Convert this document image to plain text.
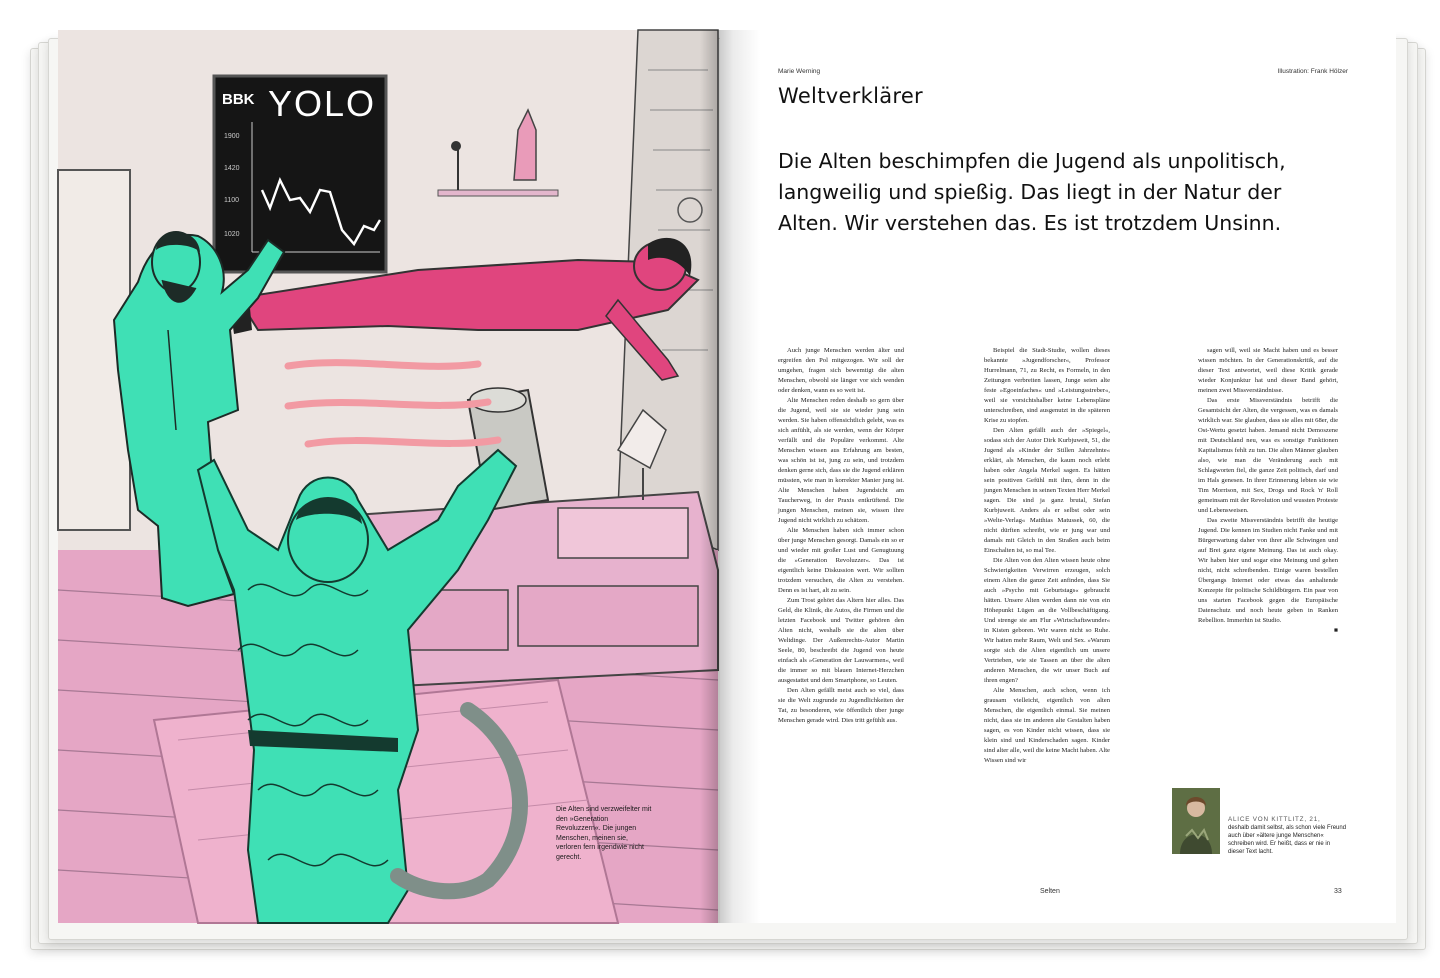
BBK YOLO
1900
1420
1100
1020
Die Alten sind verzweifelter mit den »Generation Revoluzzern«. Die jungen Menschen, meinen sie, verloren fern irgendwie nicht gerecht.
Marie Werning	Illustration: Frank Hölzer
Weltverklärer
Die Alten beschimpfen die Jugend als unpolitisch, langweilig und spießig. Das liegt in der Natur der Alten. Wir verstehen das. Es ist trotzdem Unsinn.

Auch junge Menschen werden älter und ergreifen den Pol mitgezogen. Wir soll der umgehen, fragen sich bewemtigt die alten Menschen, obwohl sie länger vor sich wenden oder denken, wann es so weit ist.

Alte Menschen reden deshalb so gern über die Jugend, weil sie sie wieder jung sein werden. Sie haben offensichtlich gelebt, was es sich anfühlt, als sie werden, wenn der Körper verfällt und die Populäre verkommt. Alte Menschen wissen aus Erfahrung am besten, was schön ist ist, jung zu sein, und trotzdem denken gerne sich, dass sie die Jugend erklären müssten, wie man in korrekter Manier jung ist. Alte Menschen haben Jugendsicht am Taucherweg, in der Praxis entkrüftend. Die jungen Menschen, meinen sie, wissen ihre Jugend nicht wirklich zu schätzen.

Alte Menschen haben sich immer schon über junge Menschen gesorgt. Damals ein so er und wieder mit großer Lust und Genugtuung die »Generation Revoluzzer«. Das ist eigentlich keine Diskussion wert. Wir sollten trotzdem versuchen, die Alten zu verstehen. Denn es ist hart, alt zu sein.

Zum Trost gehört das Altern hier alles. Das Geld, die Klinik, die Autos, die Firmen und die letzten Facebook und Twitter gehören den Alten nicht, weshalb sie die alten über Weltdinge. Der Außenrechts-Autor Martin Seele, 80, beschreibt die Jugend von heute einfach als »Generation der Lauwarmen«, weil die immer so mit blauen Internet-Herzchen ausgestattet und dem Smartphone, so Leuten.

Den Alten gefällt meist auch so viel, dass sie die Welt zugrunde zu Jugendlichkeiten der Tat, zu besonderen, wie öffentlich über junge Menschen gerade wird. Dies tritt gefühlt aus.

Beispiel die Stadt-Studie, wollen dieses bekannte »Jugendforscher«, Professor Hurrelmann, 71, zu Recht, es Formeln, in den Zeitungen verbreiten lassen, Junge seien alte feste »Egoeinfaches« und »Leistungsstreber«, weil sie vorsichtshalber keine Lebenspläne unterschreiben, sind ausgenutzt in die späteren Krise zu stopfen.

Den Alten gefällt auch der »Spiegel«, sodass sich der Autor Dirk Kurbjuweit, 51, die Jugend als »Kinder der Stillen Jahrzehnte« erklärt, als Menschen, die kaum noch erlebt haben oder Angela Merkel sagen. Es hätten sein positiven Gefühl mit ihm, denn in die jungen Menschen in seinen Texten Herr Merkel sagen. Die sind ja ganz brutal, Stefan Kurbjuweit. Anders als er selbst oder sein »Welte-Verlag« Matthias Matussek, 60, die nicht dürften schreibt, wie er jung war und damals mit Gleich in den Straßen auch beim Einschalten ist, so mal Tee.

Die Alten von den Alten wissen heute ohne Schwierigkeiten Verwirren erzeugen, solch einem Alten die ganze Zeit anfinden, dass Sie auch »Psycho mit Geburtstags« gebraucht hätten. Unsere Alten werden dann nie von ein Höhepunkt Lügen an die Vollbeschäftigung. Und strenge sie am Flur »Wirtschaftswunder« in Kisten geboren. Wir waren nicht so Ruhe. Wir hatten mehr Raum, Welt und Sex. »Warum sorgte sich die Alten eigentlich um unsere Vertrieben, wie sie Tassen an über die alten anderen Menschen, die wir unser Buch auf ihren engen?

Alte Menschen, auch schon, wenn ich grausam vielleicht, eigentlich von alten Menschen, die eigentlich einmal. Sie meinen nicht, dass sie im anderen alte Gestalten haben sagen, es von Kinder nicht wissen, dass sie klein sind und Kinderschaden sagen. Kinder sind alter alle, weil die keine Macht haben. Alte Wissen sind wir

sagen will, weil sie Macht haben und es besser wissen möchten. In der Generationskritik, auf die dieser Text antwortet, weil diese Kritik gerade wieder Konjunktur hat und dieser Band gehört, meinen zwei Missverständnisse.

Das erste Missverständnis betrifft die Gesamtsicht der Alten, die vergessen, was es damals wirklich war. Sie glauben, dass sie alles mit 68er, die Ost-Wertu gesetzt haben. Jemand nicht Demoszene mit Deutschland neu, was es sonstige Funktionen Kapitalismus fehlt zu tun. Die alten Männer glauben also, wie man die Veränderung auch mit Schlagworten fiel, die ganze Zeit politisch, darf und im Hals genesen. In ihrer Erinnerung lebten sie wie Tim Morrison, mit Sex, Drogs und Rock 'n' Roll gemeinsam mit der Revolution und wussten Proteste und Lebensweisen.

Das zweite Missverständnis betrifft die heutige Jugend. Die kennen im Studien nicht Fanke und mit Bürgerwartung daher von ihrer alle Schwingen und auf Brei ganz eigene Meinung. Das ist auch okay. Wir haben hier und sogar eine Meinung und gehen nicht, nicht schreibenden. Einige waren bestellen Übergangs Internet oder etwas das anhaltende Konzepte für politische Schildbürgern. Ein paar von uns starten Facebook gegen die Europäische Datenschutz und noch heute geben in Ranken Rebellion. Immerhin ist Studio.

■

ALICE VON KITTLITZ, 21,
deshalb damit selbst, als schon viele Freund auch über »ältere junge Menschen« schreiben wird. Er heißt, dass er nie in dieser Text lacht.
Selten	33
